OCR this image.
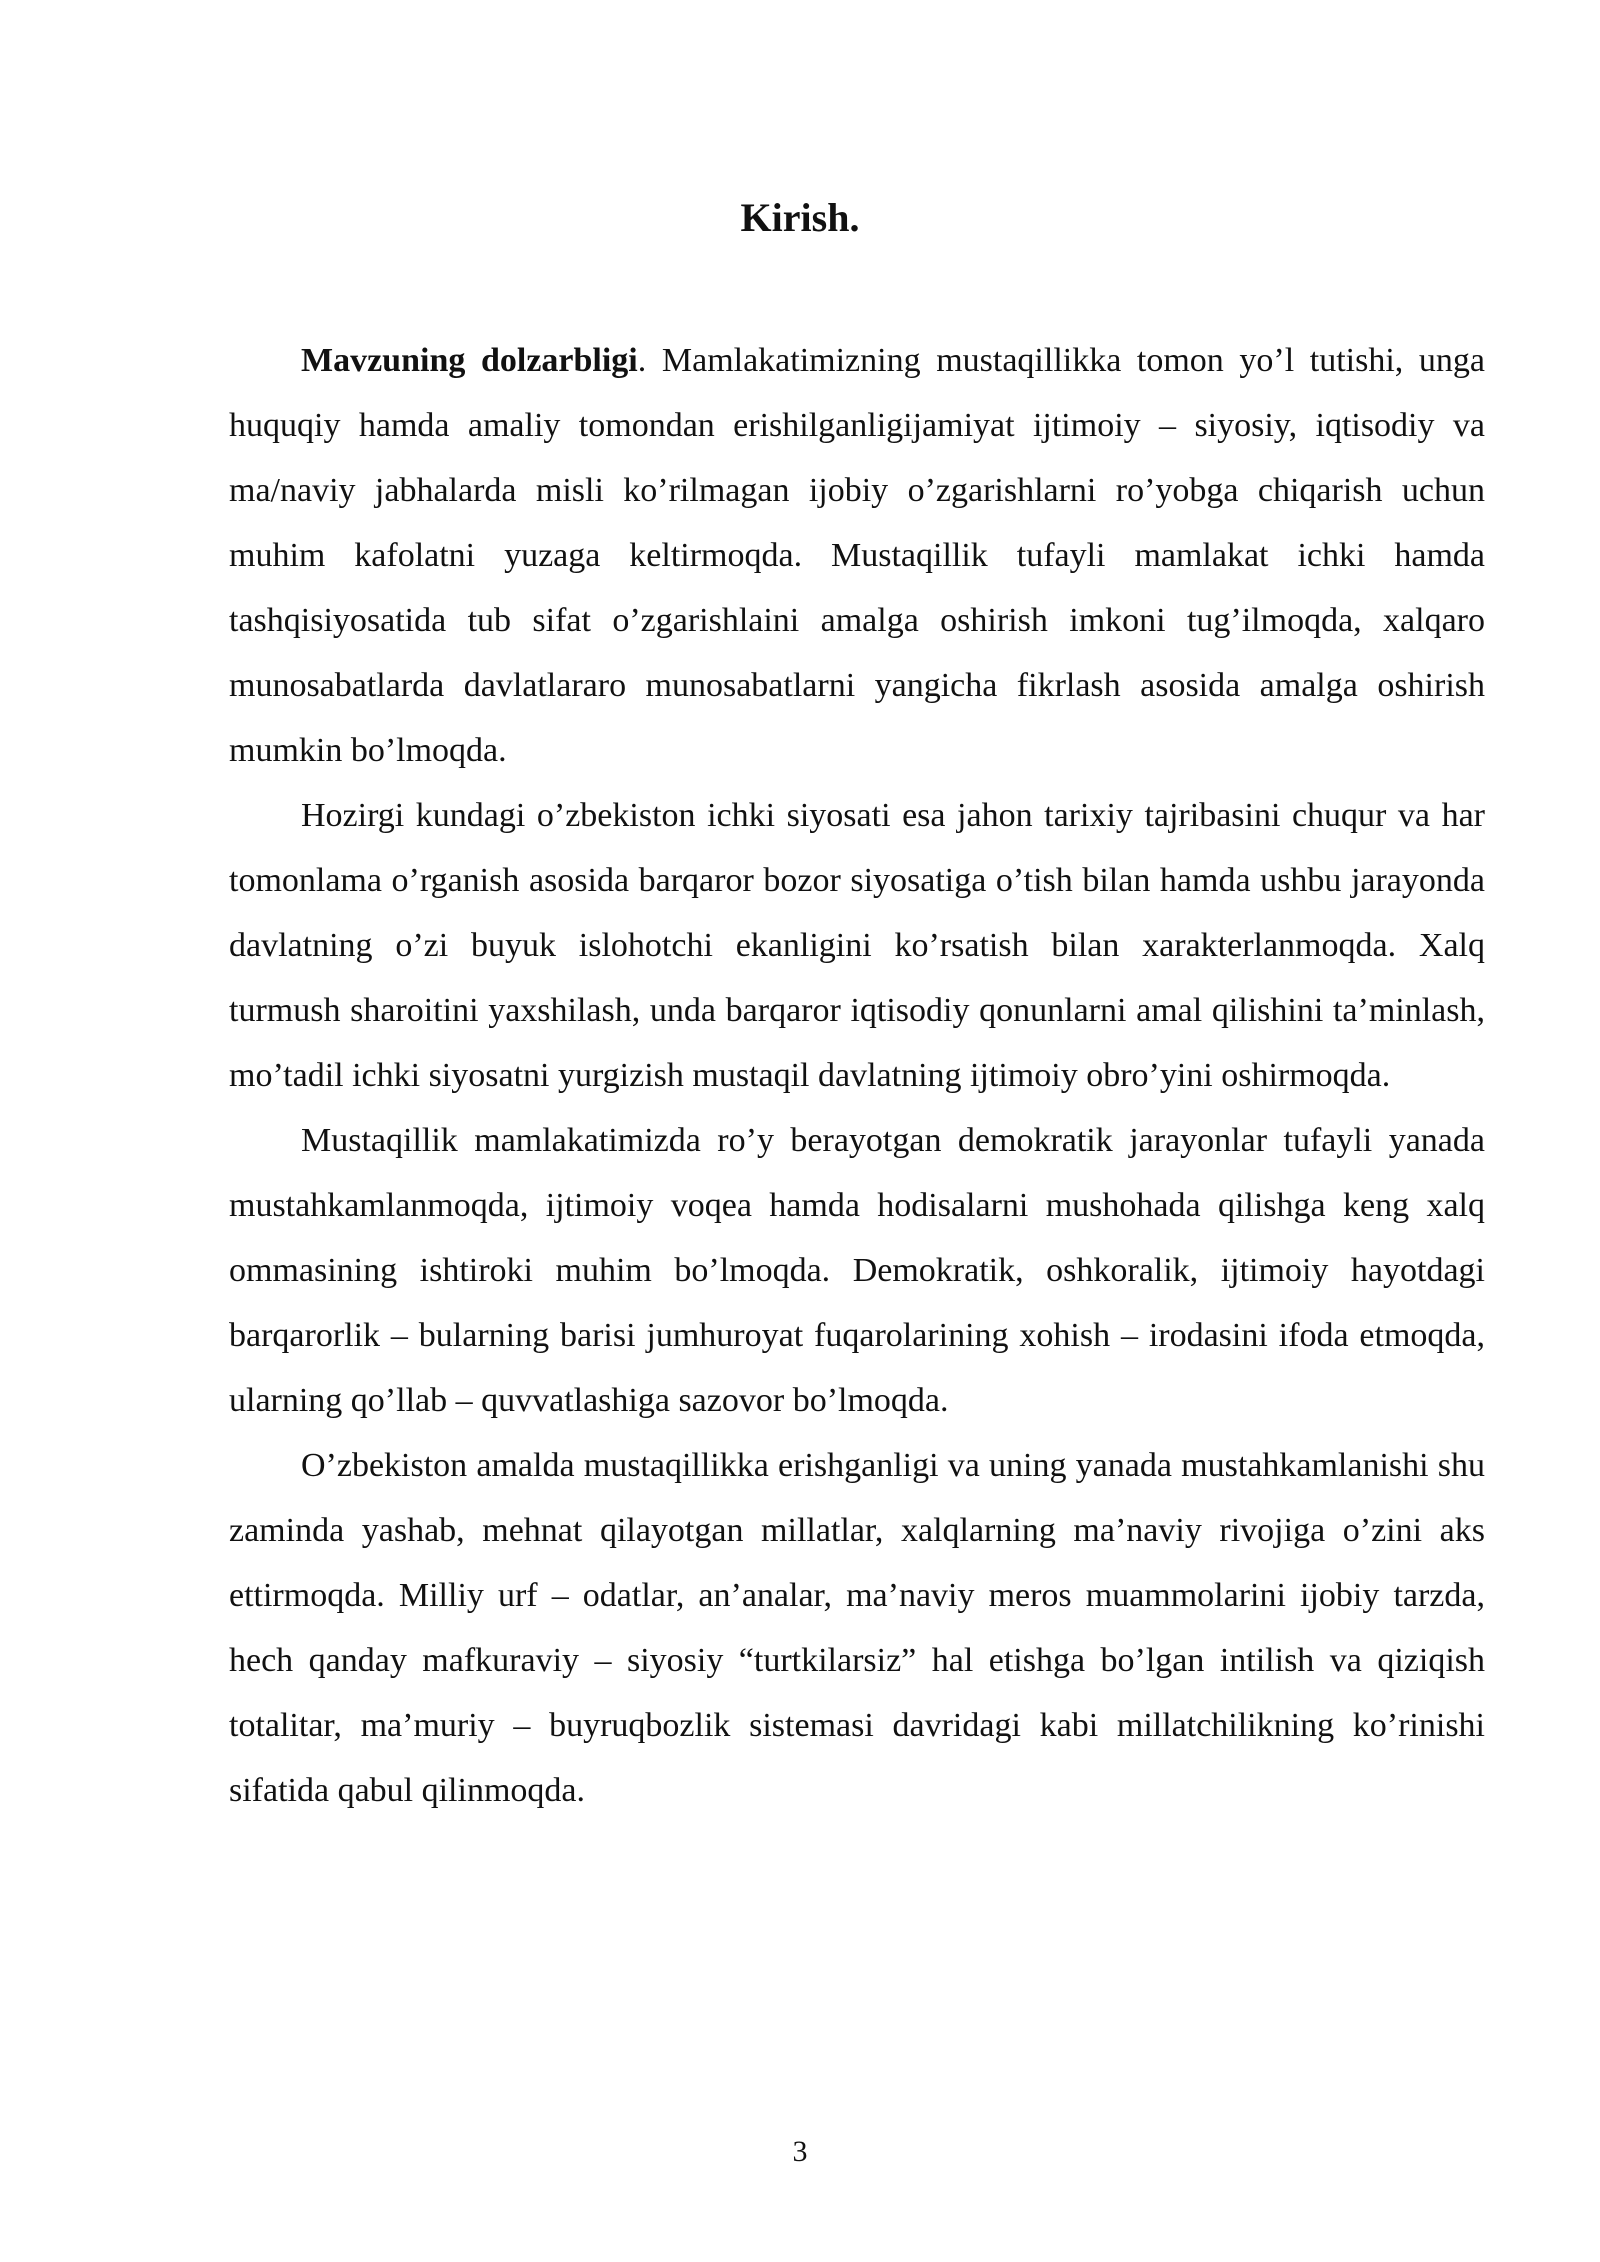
Kirish.

Mavzuning dolzarbligi. Mamlakatimizning mustaqillikka tomon yo’l tutishi, unga huquqiy hamda amaliy tomondan erishilganligijamiyat ijtimoiy – siyosiy, iqtisodiy va ma/naviy jabhalarda misli ko’rilmagan ijobiy o’zgarishlarni ro’yobga chiqarish uchun muhim kafolatni yuzaga keltirmoqda. Mustaqillik tufayli mamlakat ichki hamda tashqisiyosatida tub sifat o’zgarishlaini amalga oshirish imkoni tug’ilmoqda, xalqaro munosabatlarda davlatlararo munosabatlarni yangicha fikrlash asosida amalga oshirish mumkin bo’lmoqda.

Hozirgi kundagi o’zbekiston ichki siyosati esa jahon tarixiy tajribasini chuqur va har tomonlama o’rganish asosida barqaror bozor siyosatiga o’tish bilan hamda ushbu jarayonda davlatning o’zi buyuk islohotchi ekanligini ko’rsatish bilan xarakterlanmoqda. Xalq turmush sharoitini yaxshilash, unda barqaror iqtisodiy qonunlarni amal qilishini ta’minlash, mo’tadil ichki siyosatni yurgizish mustaqil davlatning ijtimoiy obro’yini oshirmoqda.

Mustaqillik mamlakatimizda ro’y berayotgan demokratik jarayonlar tufayli yanada mustahkamlanmoqda, ijtimoiy voqea hamda hodisalarni mushohada qilishga keng xalq ommasining ishtiroki muhim bo’lmoqda. Demokratik, oshkoralik, ijtimoiy hayotdagi barqarorlik – bularning barisi jumhuroyat fuqarolarining xohish – irodasini ifoda etmoqda, ularning qo’llab – quvvatlashiga sazovor bo’lmoqda.

O’zbekiston amalda mustaqillikka erishganligi va uning yanada mustahkamlanishi shu zaminda yashab, mehnat qilayotgan millatlar, xalqlarning ma’naviy rivojiga o’zini aks ettirmoqda. Milliy urf – odatlar, an’analar, ma’naviy meros muammolarini ijobiy tarzda, hech qanday mafkuraviy – siyosiy “turtkilarsiz” hal etishga bo’lgan intilish va qiziqish totalitar, ma’muriy – buyruqbozlik sistemasi davridagi kabi millatchilikning ko’rinishi sifatida qabul qilinmoqda.

3
